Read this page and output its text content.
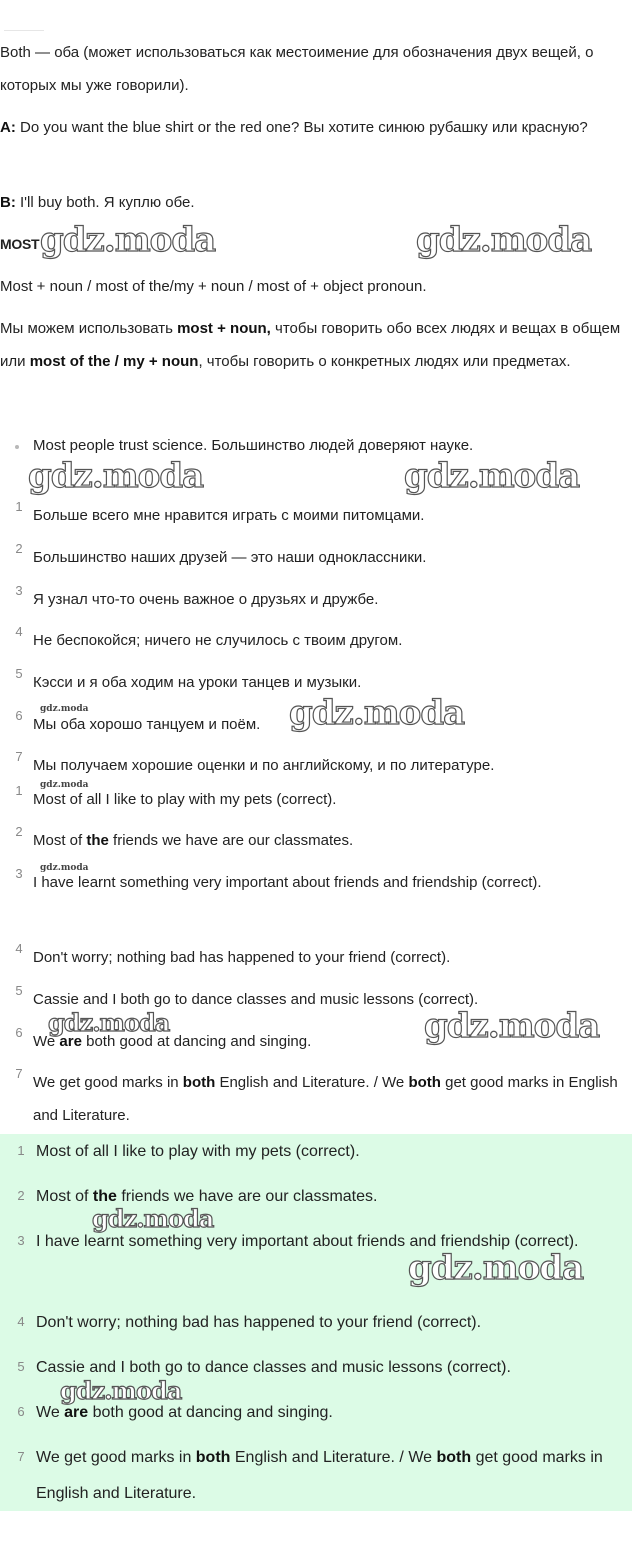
Both — оба (может использоваться как местоимение для обозначения двух вещей, о которых мы уже говорили).

A: Do you want the blue shirt or the red one? Вы хотите синюю рубашку или красную?

B: I'll buy both. Я куплю обе.

MOST

Most + noun / most of the/my + noun / most of + object pronoun.

Мы можем использовать most + noun, чтобы говорить обо всех людях и вещах в общем или most of the / my + noun, чтобы говорить о конкретных людях или предметах.

Most people trust science. Большинство людей доверяют науке.
1
Больше всего мне нравится играть с моими питомцами.
2
Большинство наших друзей — это наши одноклассники.
3
Я узнал что-то очень важное о друзьях и дружбе.
4
Не беспокойся; ничего не случилось с твоим другом.
5
Кэсси и я оба ходим на уроки танцев и музыки.
6
Мы оба хорошо танцуем и поём.
7
Мы получаем хорошие оценки и по английскому, и по литературе.
1
Most of all I like to play with my pets (correct).
2
Most of the friends we have are our classmates.
3
I have learnt something very important about friends and friendship (correct).
4
Don't worry; nothing bad has happened to your friend (correct).
5
Cassie and I both go to dance classes and music lessons (correct).
6
We are both good at dancing and singing.
7
We get good marks in both English and Literature. / We both get good marks in English and Literature.
1 Most of all I like to play with my pets (correct).
2 Most of the friends we have are our classmates.
3 I have learnt something very important about friends and friendship (correct).
4 Don't worry; nothing bad has happened to your friend (correct).
5 Cassie and I both go to dance classes and music lessons (correct).
6 We are both good at dancing and singing.
7 We get good marks in both English and Literature. / We both get good marks in English and Literature.
gdz.moda	gdz.moda
gdz.moda	gdz.moda
gdz.moda	gdz.moda
gdz.moda
gdz.moda
gdz.moda	gdz.moda
gdz.moda
gdz.moda
gdz.moda
